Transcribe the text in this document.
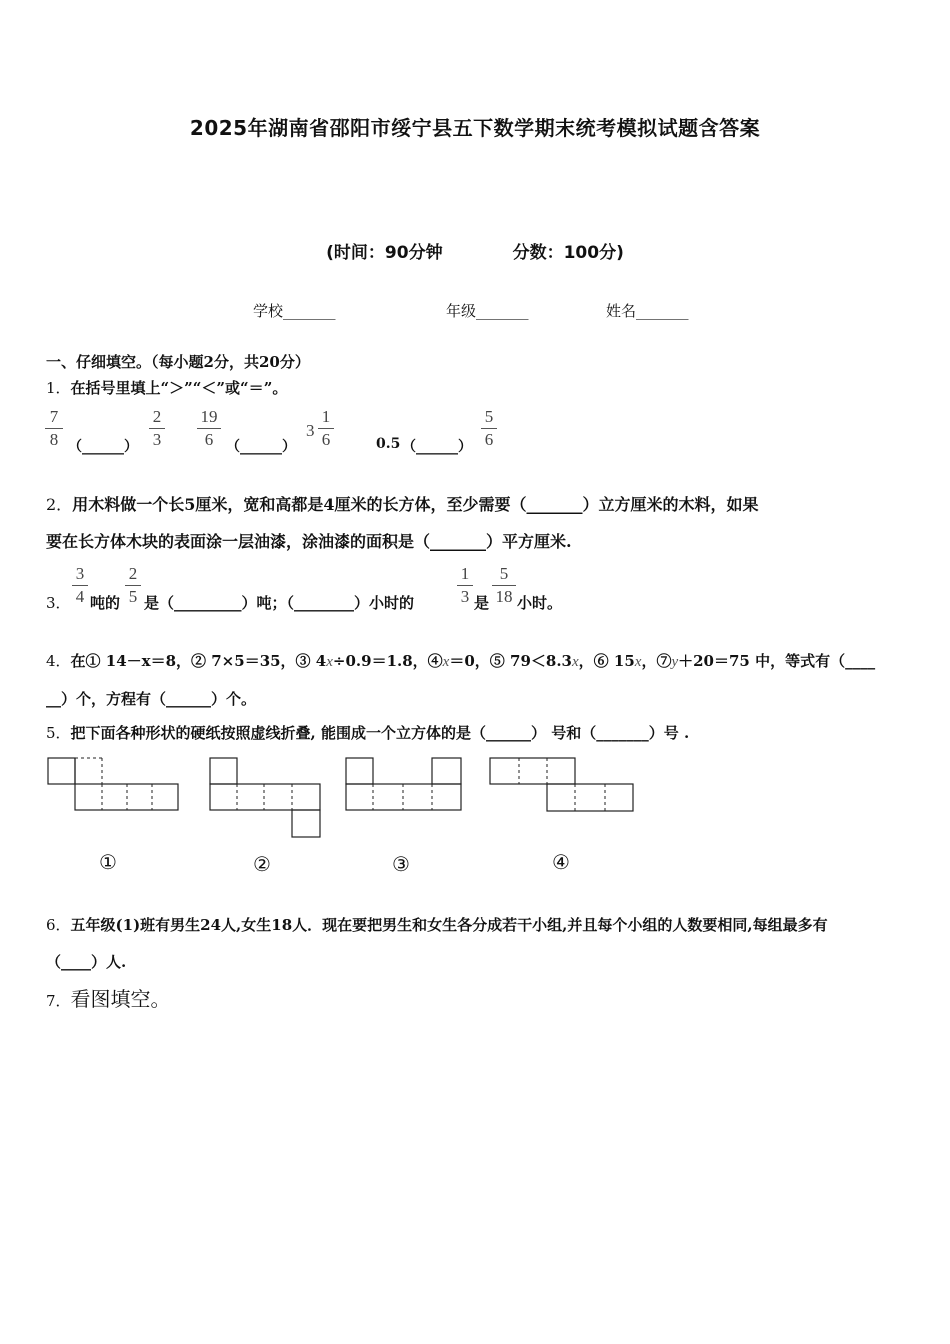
2025年湖南省邵阳市绥宁县五下数学期末统考模拟试题含答案
(时间：90分钟	分数：100分)
学校_______	年级_______	姓名_______
一、仔细填空。（每小题2分，共20分）
1．在括号里填上“＞”“＜”或“＝”。
7
8 （______）
2
3
19
6 （______）
3
1
6	0.5 （______）
5
6
2．用木料做一个长5厘米，宽和高都是4厘米的长方体，至少需要（_______）立方厘米的木料，如果
要在长方体木块的表面涂一层油漆，涂油漆的面积是（_______）平方厘米.
3．
3
4 吨的
2
5 是（_________）吨；（________）小时的
1
3 是
5
18 小时。
4．在① 14－x＝8，② 7×5＝35，③ 4x÷0.9＝1.8，④x＝0，⑤ 79＜8.3x，⑥ 15x，⑦y＋20＝75 中，等式有（____
__）个，方程有（______）个。
5．把下面各种形状的硬纸按照虚线折叠, 能围成一个立方体的是（______） 号和（_______）号 .
①	②	③	④
6．五年级(1)班有男生24人,女生18人．现在要把男生和女生各分成若干小组,并且每个小组的人数要相同,每组最多有
（____）人.
7．看图填空。
